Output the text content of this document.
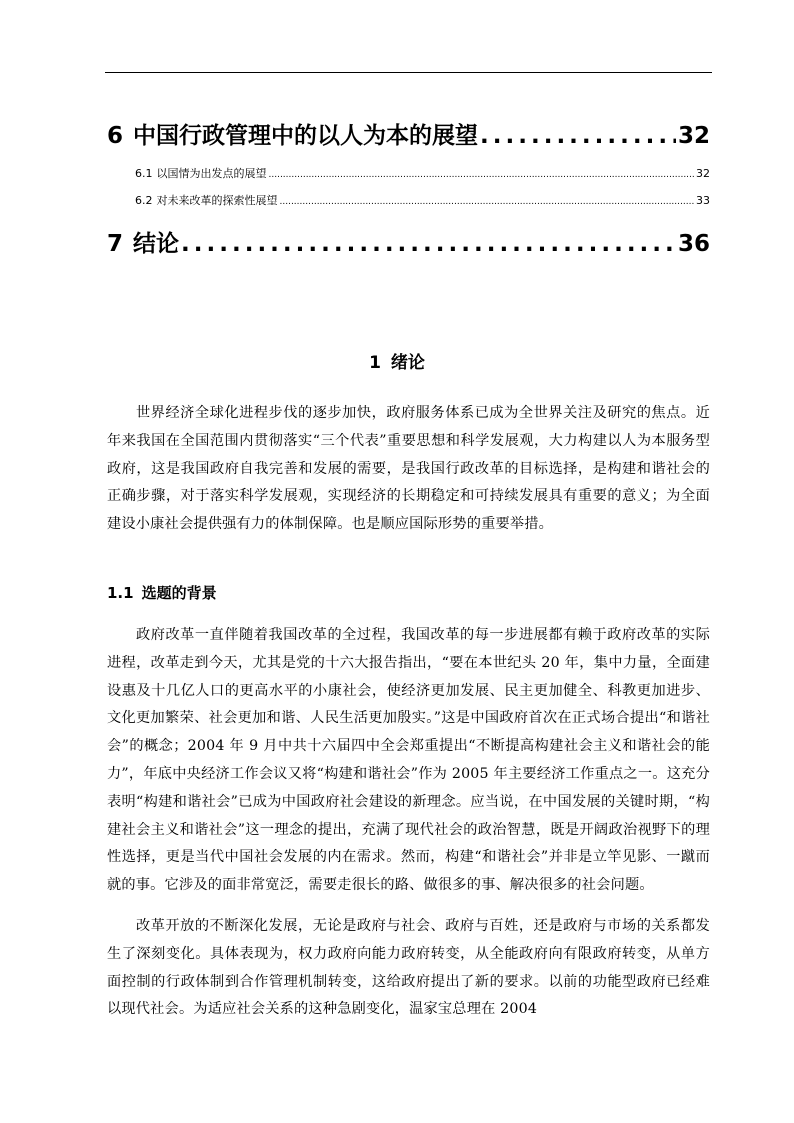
6 中国行政管理中的以人为本的展望 .....	32
6.1 以国情为出发点的展望 .....	32
6.2 对未来改革的探索性展望 .....	33
7 结论 .....	36
1 绪论

世界经济全球化进程步伐的逐步加快，政府服务体系已成为全世界关注及研究的焦点。近年来我国在全国范围内贯彻落实“三个代表”重要思想和科学发展观，大力构建以人为本服务型政府，这是我国政府自我完善和发展的需要，是我国行政改革的目标选择，是构建和谐社会的正确步骤，对于落实科学发展观，实现经济的长期稳定和可持续发展具有重要的意义；为全面建设小康社会提供强有力的体制保障。也是顺应国际形势的重要举措。

1.1 选题的背景

政府改革一直伴随着我国改革的全过程，我国改革的每一步进展都有赖于政府改革的实际进程，改革走到今天，尤其是党的十六大报告指出，“要在本世纪头 20 年，集中力量，全面建设惠及十几亿人口的更高水平的小康社会，使经济更加发展、民主更加健全、科教更加进步、文化更加繁荣、社会更加和谐、人民生活更加殷实。”这是中国政府首次在正式场合提出“和谐社会”的概念；2004 年 9 月中共十六届四中全会郑重提出“不断提高构建社会主义和谐社会的能力”，年底中央经济工作会议又将“构建和谐社会”作为 2005 年主要经济工作重点之一。这充分表明“构建和谐社会”已成为中国政府社会建设的新理念。应当说，在中国发展的关键时期，“构建社会主义和谐社会”这一理念的提出，充满了现代社会的政治智慧，既是开阔政治视野下的理性选择，更是当代中国社会发展的内在需求。然而，构建“和谐社会”并非是立竿见影、一蹴而就的事。它涉及的面非常宽泛，需要走很长的路、做很多的事、解决很多的社会问题。

改革开放的不断深化发展，无论是政府与社会、政府与百姓，还是政府与市场的关系都发生了深刻变化。具体表现为，权力政府向能力政府转变，从全能政府向有限政府转变，从单方面控制的行政体制到合作管理机制转变，这给政府提出了新的要求。以前的功能型政府已经难以现代社会。为适应社会关系的这种急剧变化，温家宝总理在 2004
